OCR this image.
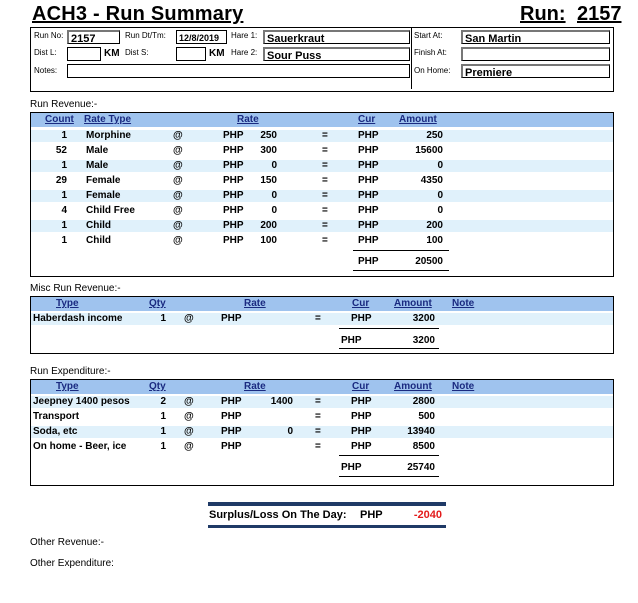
ACH3 - Run Summary	Run: 2157
Run No: 2157	Run Dt/Tm:	12/8/2019	Hare 1: Sauerkraut
Dist L:	KM Dist S:	KM Hare 2: Sour Puss
Notes:
Start At:	San Martin
Finish At:
On Home:	Premiere
Run Revenue:-
Count Rate Type	Rate	Cur Amount
1 Morphine	@	PHP	250	=	PHP	250
52 Male	@	PHP	300	=	PHP	15600
1 Male	@	PHP	0	=	PHP	0
29 Female	@	PHP	150	=	PHP	4350
1 Female	@	PHP	0	=	PHP	0
4 Child Free	@	PHP	0	=	PHP	0
1 Child	@	PHP	200	=	PHP	200
1 Child	@	PHP	100	=	PHP	100
PHP	20500
Misc Run Revenue:-
Type	Qty	Rate	Cur Amount Note
Haberdash income	1 @	PHP	=	PHP	3200
PHP	3200
Run Expenditure:-
Type	Qty	Rate	Cur Amount Note
Jeepney 1400 pesos	2 @	PHP	1400 =	PHP	2800
Transport	1 @	PHP	=	PHP	500
Soda, etc	1 @	PHP	0 =	PHP	13940
On home - Beer, ice	1 @	PHP	=	PHP	8500
PHP	25740
Surplus/Loss On The Day: PHP	-2040
Other Revenue:-
Other Expenditure:
